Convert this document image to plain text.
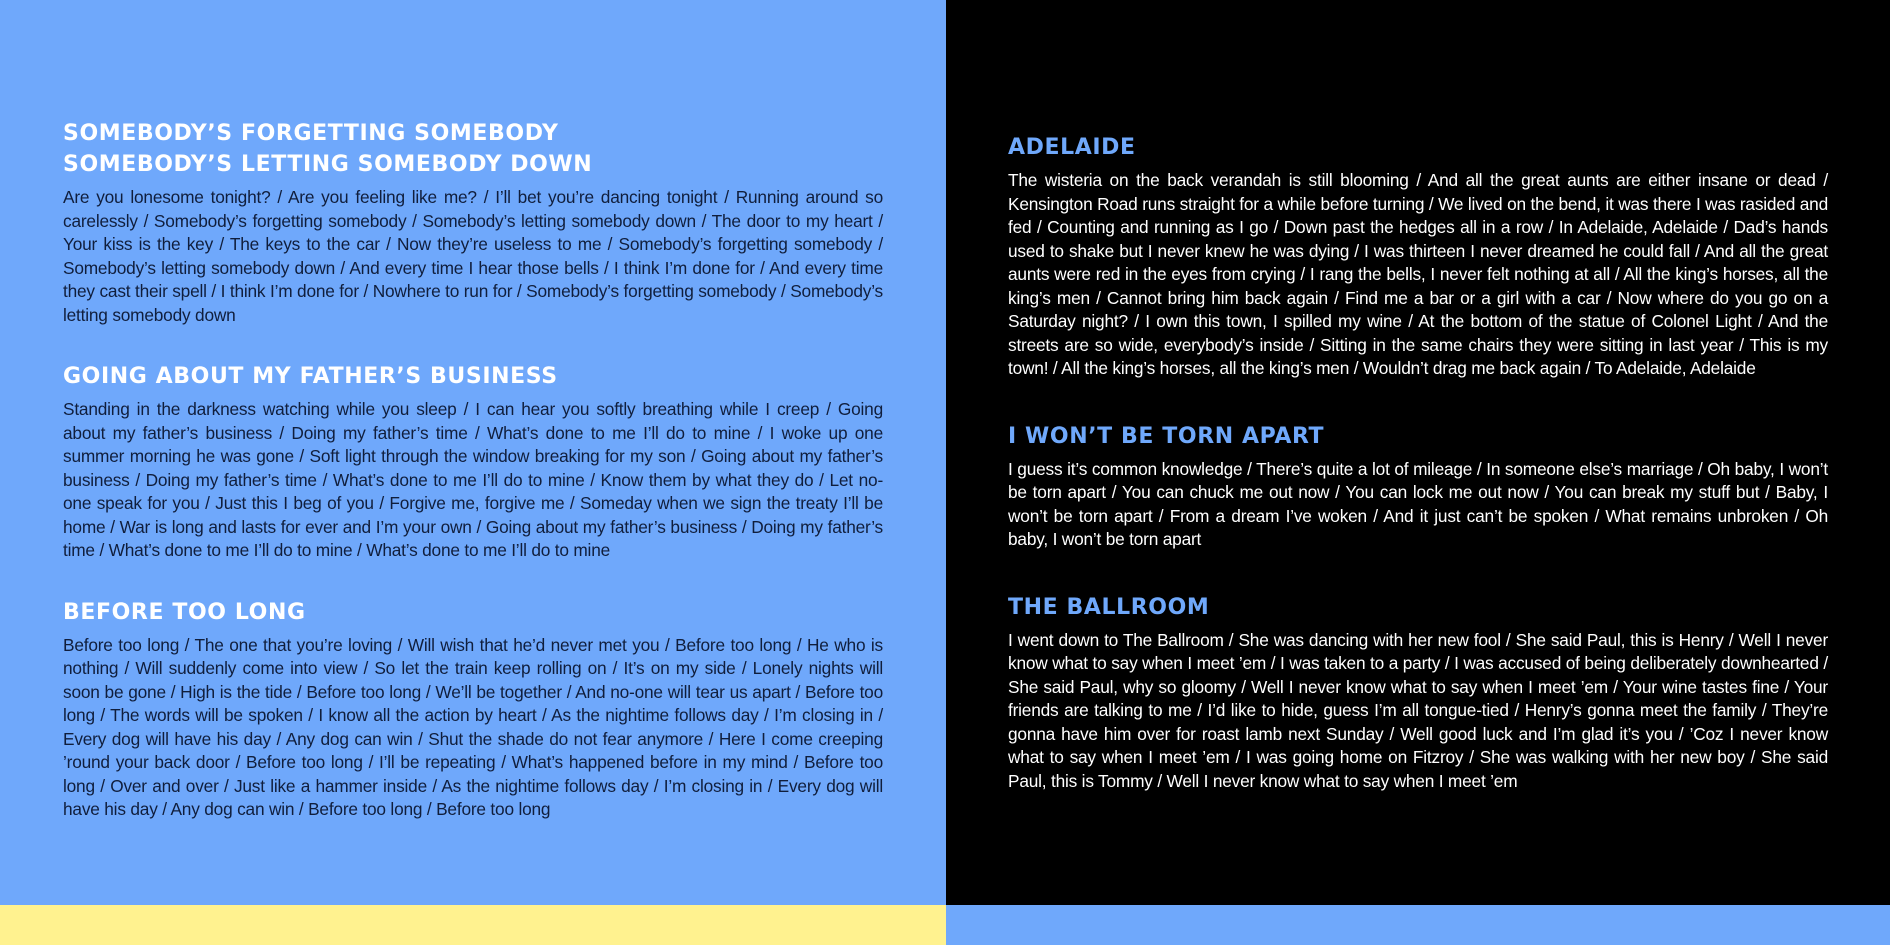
SOMEBODY’S FORGETTING SOMEBODY
SOMEBODY’S LETTING SOMEBODY DOWN

Are you lonesome tonight? / Are you feeling like me? / I’ll bet you’re dancing tonight / Running around so carelessly / Somebody’s forgetting somebody / Somebody’s letting somebody down / The door to my heart / Your kiss is the key / The keys to the car / Now they’re useless to me / Somebody’s forgetting somebody / Somebody’s letting somebody down / And every time I hear those bells / I think I’m done for / And every time they cast their spell / I think I’m done for / Nowhere to run for / Somebody’s forgetting somebody / Somebody’s letting somebody down

GOING ABOUT MY FATHER’S BUSINESS

Standing in the darkness watching while you sleep / I can hear you softly breathing while I creep / Going about my father’s business / Doing my father’s time / What’s done to me I’ll do to mine / I woke up one summer morning he was gone / Soft light through the window breaking for my son / Going about my father’s business / Doing my father’s time / What’s done to me I’ll do to mine / Know them by what they do / Let no-one speak for you / Just this I beg of you / Forgive me, forgive me / Someday when we sign the treaty I’ll be home / War is long and lasts for ever and I’m your own / Going about my father’s business / Doing my father’s time / What’s done to me I’ll do to mine / What’s done to me I’ll do to mine

BEFORE TOO LONG

Before too long / The one that you’re loving / Will wish that he’d never met you / Before too long / He who is nothing / Will suddenly come into view / So let the train keep rolling on / It’s on my side / Lonely nights will soon be gone / High is the tide / Before too long / We’ll be together / And no-one will tear us apart / Before too long / The words will be spoken / I know all the action by heart / As the nightime follows day / I’m closing in / Every dog will have his day / Any dog can win / Shut the shade do not fear anymore / Here I come creeping ’round your back door / Before too long / I’ll be repeating / What’s happened before in my mind / Before too long / Over and over / Just like a hammer inside / As the nightime follows day / I’m closing in / Every dog will have his day / Any dog can win / Before too long / Before too long

ADELAIDE

The wisteria on the back verandah is still blooming / And all the great aunts are either insane or dead / Kensington Road runs straight for a while before turning / We lived on the bend, it was there I was rasided and fed / Counting and running as I go / Down past the hedges all in a row / In Adelaide, Adelaide / Dad’s hands used to shake but I never knew he was dying / I was thirteen I never dreamed he could fall / And all the great aunts were red in the eyes from crying / I rang the bells, I never felt nothing at all / All the king’s horses, all the king’s men / Cannot bring him back again / Find me a bar or a girl with a car / Now where do you go on a Saturday night? / I own this town, I spilled my wine / At the bottom of the statue of Colonel Light / And the streets are so wide, everybody’s inside / Sitting in the same chairs they were sitting in last year / This is my town! / All the king’s horses, all the king’s men / Wouldn’t drag me back again / To Adelaide, Adelaide

I WON’T BE TORN APART

I guess it’s common knowledge / There’s quite a lot of mileage / In someone else’s marriage / Oh baby, I won’t be torn apart / You can chuck me out now / You can lock me out now / You can break my stuff but / Baby, I won’t be torn apart / From a dream I’ve woken / And it just can’t be spoken / What remains unbroken / Oh baby, I won’t be torn apart

THE BALLROOM

I went down to The Ballroom / She was dancing with her new fool / She said Paul, this is Henry / Well I never know what to say when I meet ’em / I was taken to a party / I was accused of being deliberately downhearted / She said Paul, why so gloomy / Well I never know what to say when I meet ’em / Your wine tastes fine / Your friends are talking to me / I’d like to hide, guess I’m all tongue-tied / Henry’s gonna meet the family / They’re gonna have him over for roast lamb next Sunday / Well good luck and I’m glad it’s you / ’Coz I never know what to say when I meet ’em / I was going home on Fitzroy / She was walking with her new boy / She said Paul, this is Tommy / Well I never know what to say when I meet ’em
